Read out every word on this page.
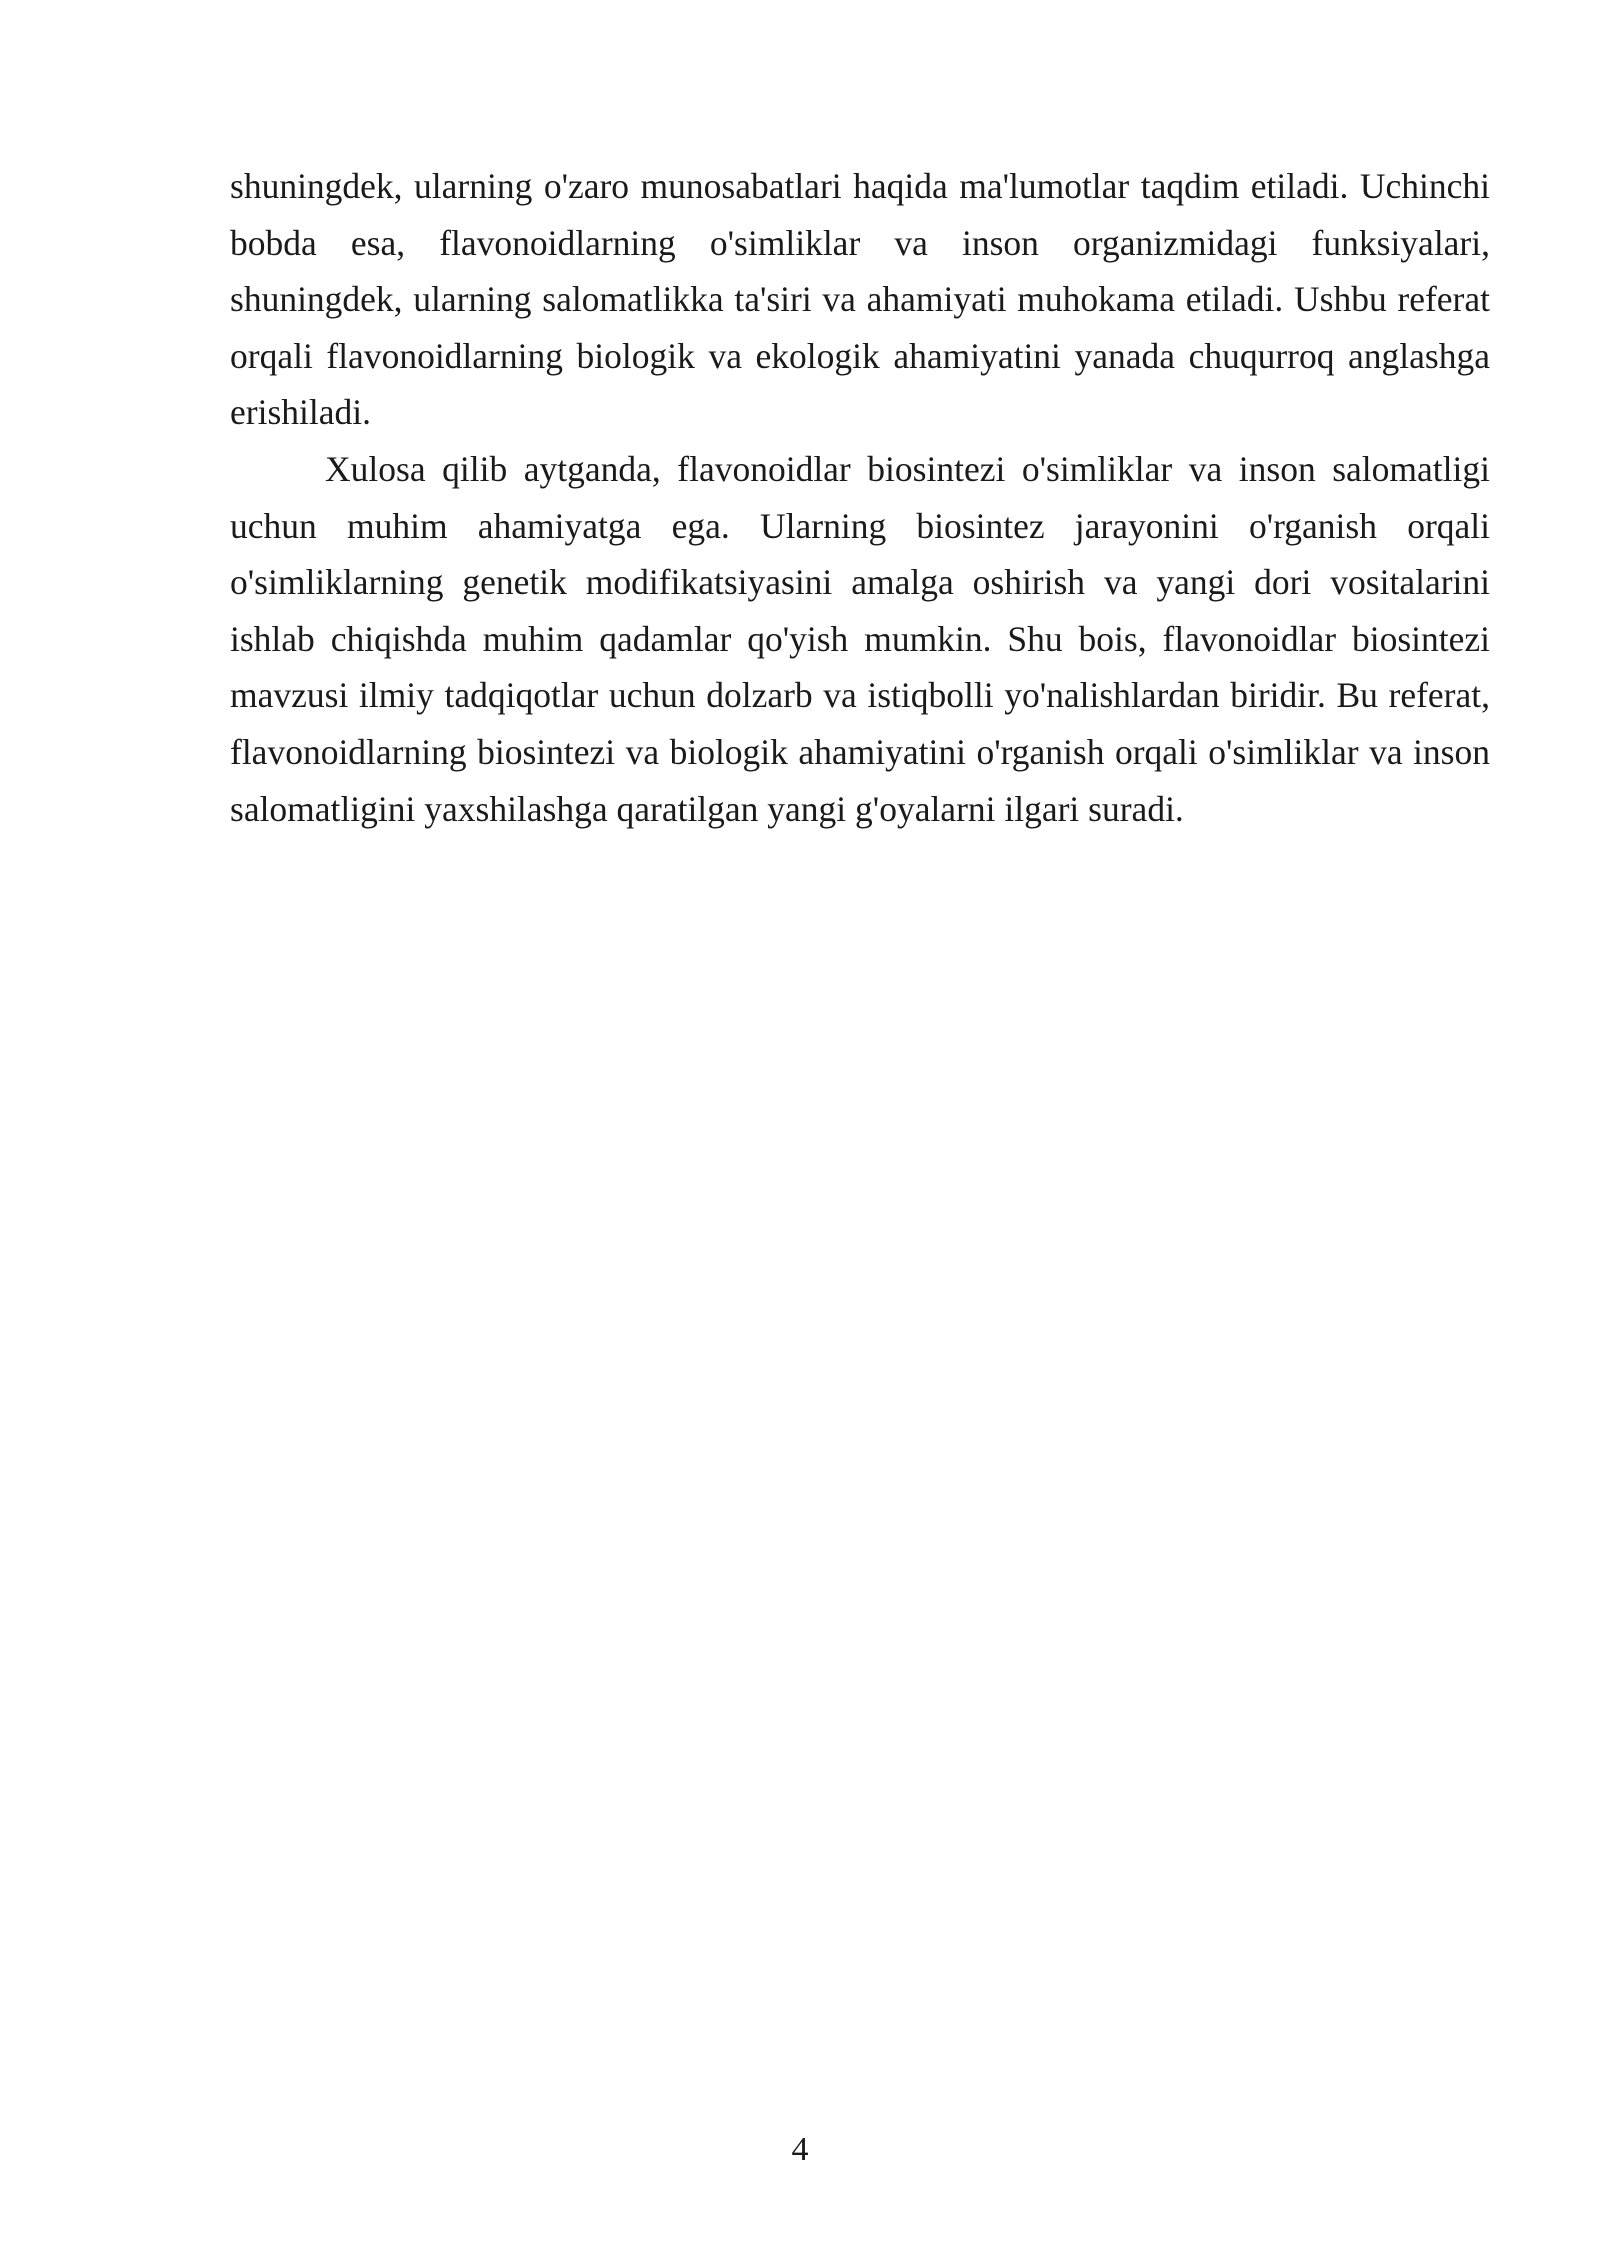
shuningdek, ularning o'zaro munosabatlari haqida ma'lumotlar taqdim etiladi. Uchinchi bobda esa, flavonoidlarning o'simliklar va inson organizmidagi funksiyalari, shuningdek, ularning salomatlikka ta'siri va ahamiyati muhokama etiladi. Ushbu referat orqali flavonoidlarning biologik va ekologik ahamiyatini yanada chuqurroq anglashga erishiladi.

Xulosa qilib aytganda, flavonoidlar biosintezi o'simliklar va inson salomatligi uchun muhim ahamiyatga ega. Ularning biosintez jarayonini o'rganish orqali o'simliklarning genetik modifikatsiyasini amalga oshirish va yangi dori vositalarini ishlab chiqishda muhim qadamlar qo'yish mumkin. Shu bois, flavonoidlar biosintezi mavzusi ilmiy tadqiqotlar uchun dolzarb va istiqbolli yo'nalishlardan biridir. Bu referat, flavonoidlarning biosintezi va biologik ahamiyatini o'rganish orqali o'simliklar va inson salomatligini yaxshilashga qaratilgan yangi g'oyalarni ilgari suradi.

4
